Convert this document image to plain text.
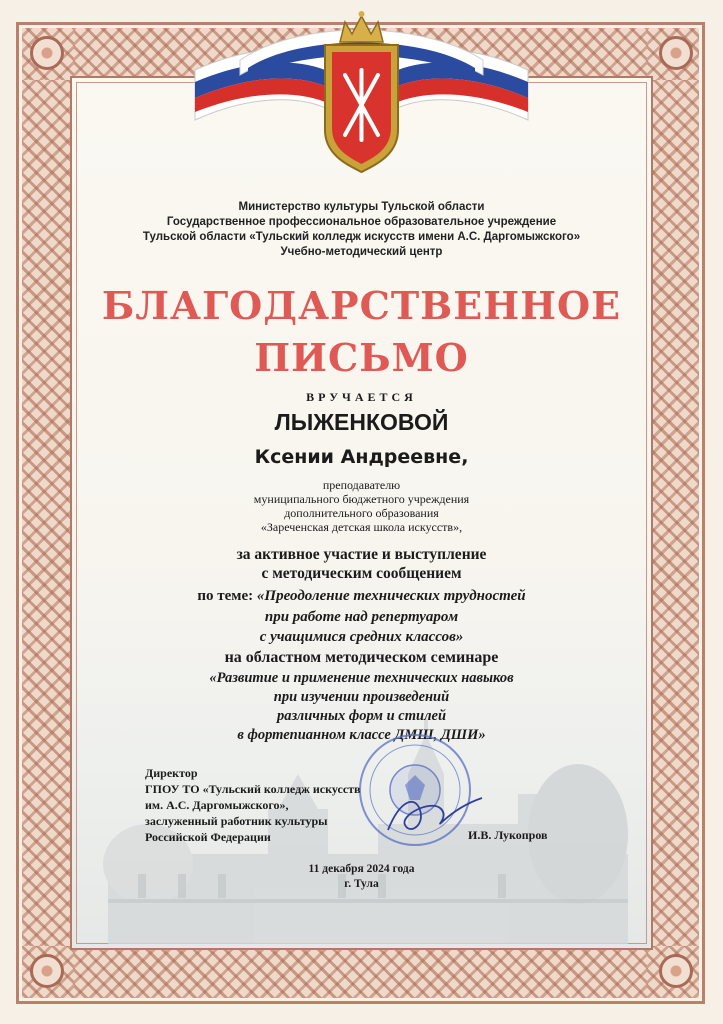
Министерство культуры Тульской области
Государственное профессиональное образовательное учреждение
Тульской области «Тульский колледж искусств имени А.С. Даргомыжского»
Учебно-методический центр
БЛАГОДАРСТВЕННОЕ
ПИСЬМО
ВРУЧАЕТСЯ
ЛЫЖЕНКОВОЙ
Ксении Андреевне,
преподавателю
муниципального бюджетного учреждения
дополнительного образования
«Зареченская детская школа искусств»,
за активное участие и выступление
с методическим сообщением
по теме: «Преодоление технических трудностей
при работе над репертуаром
с учащимися средних классов»
на областном методическом семинаре
«Развитие и применение технических навыков
при изучении произведений
различных форм и стилей
в фортепианном классе ДМШ, ДШИ»
Директор
ГПОУ ТО «Тульский колледж искусств
им. А.С. Даргомыжского»,
заслуженный работник культуры
Российской Федерации	И.В. Лукопров
11 декабря 2024 года
г. Тула
